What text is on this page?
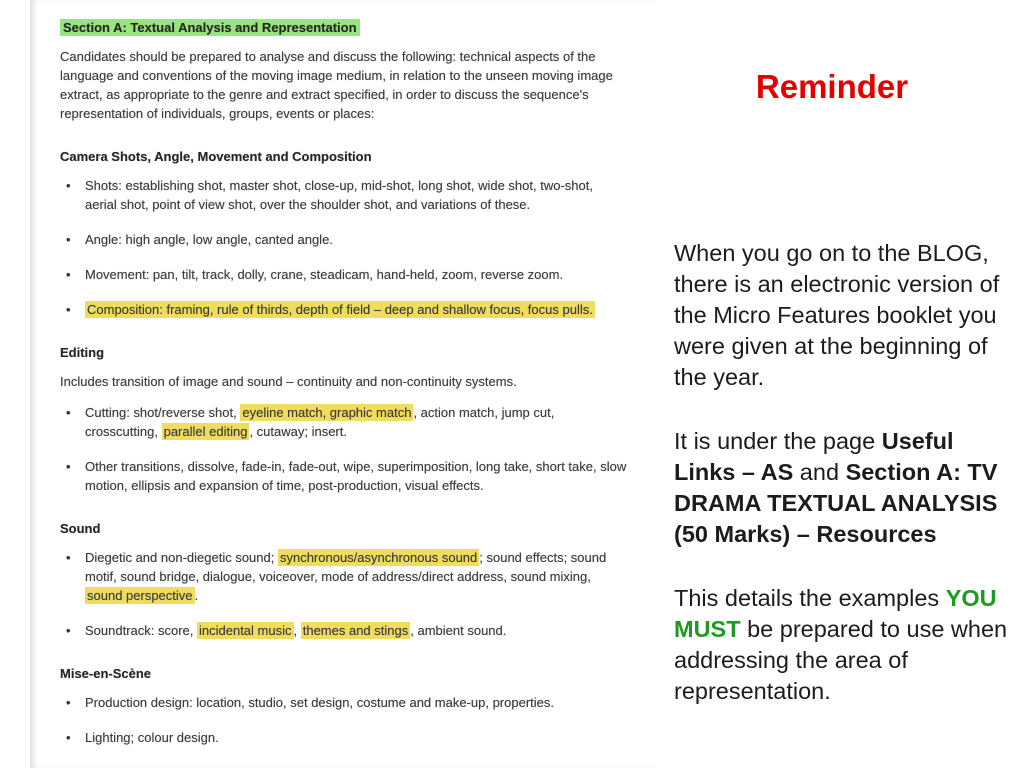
Section A: Textual Analysis and Representation
Candidates should be prepared to analyse and discuss the following: technical aspects of the language and conventions of the moving image medium, in relation to the unseen moving image extract, as appropriate to the genre and extract specified, in order to discuss the sequence's representation of individuals, groups, events or places:
Camera Shots, Angle, Movement and Composition
• Shots: establishing shot, master shot, close-up, mid-shot, long shot, wide shot, two-shot, aerial shot, point of view shot, over the shoulder shot, and variations of these.
• Angle: high angle, low angle, canted angle.
• Movement: pan, tilt, track, dolly, crane, steadicam, hand-held, zoom, reverse zoom.
• Composition: framing, rule of thirds, depth of field – deep and shallow focus, focus pulls.
Editing
Includes transition of image and sound – continuity and non-continuity systems.
• Cutting: shot/reverse shot, eyeline match, graphic match , action match, jump cut, crosscutting, parallel editing , cutaway; insert.
• Other transitions, dissolve, fade-in, fade-out, wipe, superimposition, long take, short take, slow motion, ellipsis and expansion of time, post-production, visual effects.
Sound
• Diegetic and non-diegetic sound; synchronous/asynchronous sound ; sound effects; sound motif, sound bridge, dialogue, voiceover, mode of address/direct address, sound mixing, sound perspective .
• Soundtrack: score, incidental music , themes and stings , ambient sound.
Mise-en-Scène
• Production design: location, studio, set design, costume and make-up, properties.
• Lighting; colour design.
Reminder

When you go on to the BLOG, there is an electronic version of the Micro Features booklet you were given at the beginning of the year.

It is under the page Useful Links – AS and Section A: TV DRAMA TEXTUAL ANALYSIS (50 Marks) – Resources

This details the examples YOU MUST be prepared to use when addressing the area of representation.
